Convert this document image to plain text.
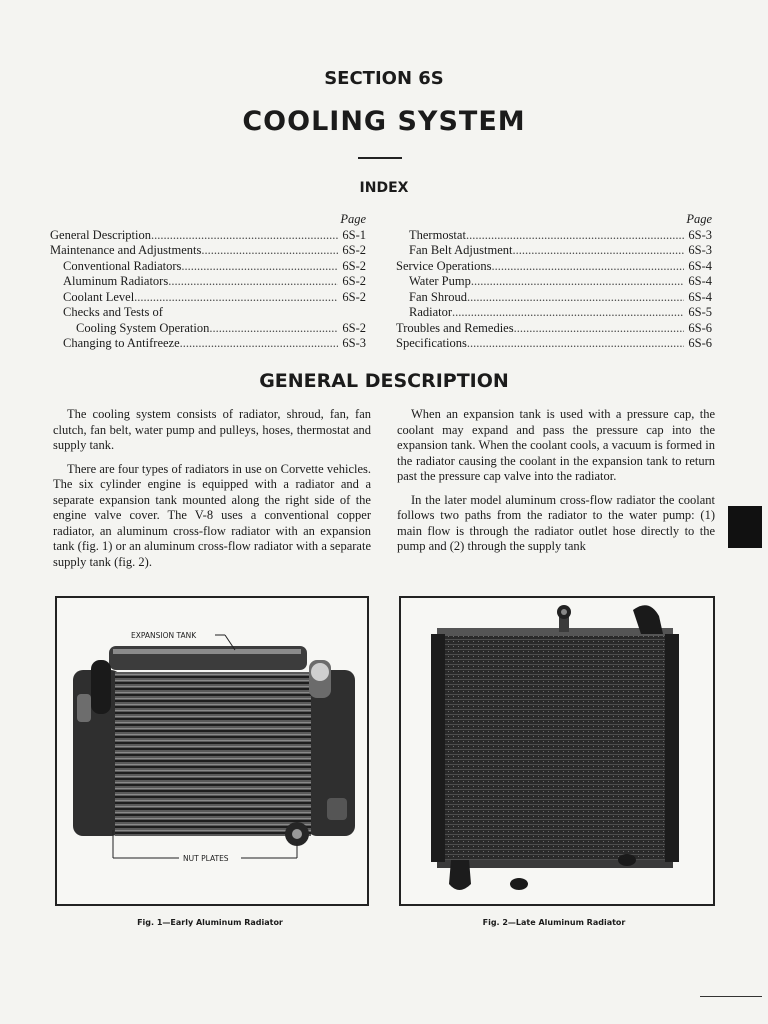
SECTION 6S
COOLING SYSTEM
INDEX
Page
General Description .....	6S-1
Maintenance and Adjustments .....	6S-2
Conventional Radiators .....	6S-2
Aluminum Radiators .....	6S-2
Coolant Level .....	6S-2
Checks and Tests of
Cooling System Operation .....	6S-2
Changing to Antifreeze .....	6S-3
Page
Thermostat .....	6S-3
Fan Belt Adjustment .....	6S-3
Service Operations .....	6S-4
Water Pump .....	6S-4
Fan Shroud .....	6S-4
Radiator .....	6S-5
Troubles and Remedies .....	6S-6
Specifications .....	6S-6
GENERAL DESCRIPTION

The cooling system consists of radiator, shroud, fan, fan clutch, fan belt, water pump and pulleys, hoses, thermostat and supply tank.

There are four types of radiators in use on Corvette vehicles. The six cylinder engine is equipped with a radiator and a separate expansion tank mounted along the right side of the engine valve cover. The V-8 uses a conventional copper radiator, an aluminum cross-flow radiator with an expansion tank (fig. 1) or an aluminum cross-flow radiator with a separate supply tank (fig. 2).

When an expansion tank is used with a pressure cap, the coolant may expand and pass the pressure cap into the expansion tank. When the coolant cools, a vacuum is formed in the radiator causing the coolant in the expansion tank to return past the pressure cap valve into the radiator.

In the later model aluminum cross-flow radiator the coolant follows two paths from the radiator to the water pump: (1) main flow is through the radiator outlet hose directly to the pump and (2) through the supply tank

EXPANSION TANK
NUT PLATES
Fig. 1—Early Aluminum Radiator	Fig. 2—Late Aluminum Radiator
